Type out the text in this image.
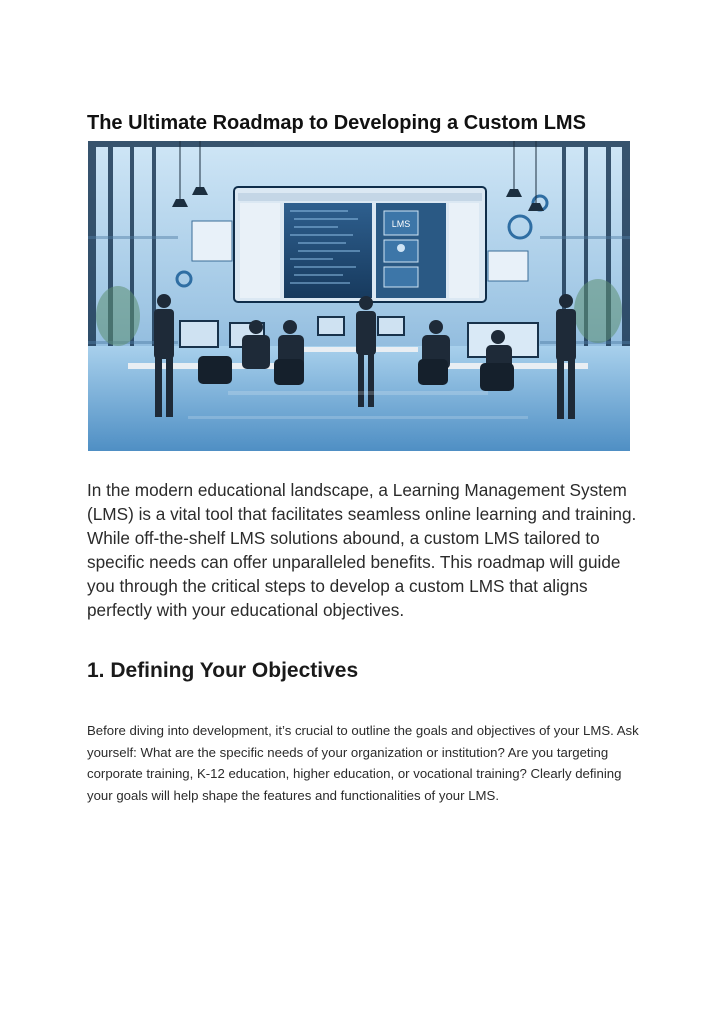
The Ultimate Roadmap to Developing a Custom LMS
LMS

In the modern educational landscape, a Learning Management System (LMS) is a vital tool that facilitates seamless online learning and training. While off-the-shelf LMS solutions abound, a custom LMS tailored to specific needs can offer unparalleled benefits. This roadmap will guide you through the critical steps to develop a custom LMS that aligns perfectly with your educational objectives.

1. Defining Your Objectives

Before diving into development, it’s crucial to outline the goals and objectives of your LMS. Ask yourself: What are the specific needs of your organization or institution? Are you targeting corporate training, K-12 education, higher education, or vocational training? Clearly defining your goals will help shape the features and functionalities of your LMS.
